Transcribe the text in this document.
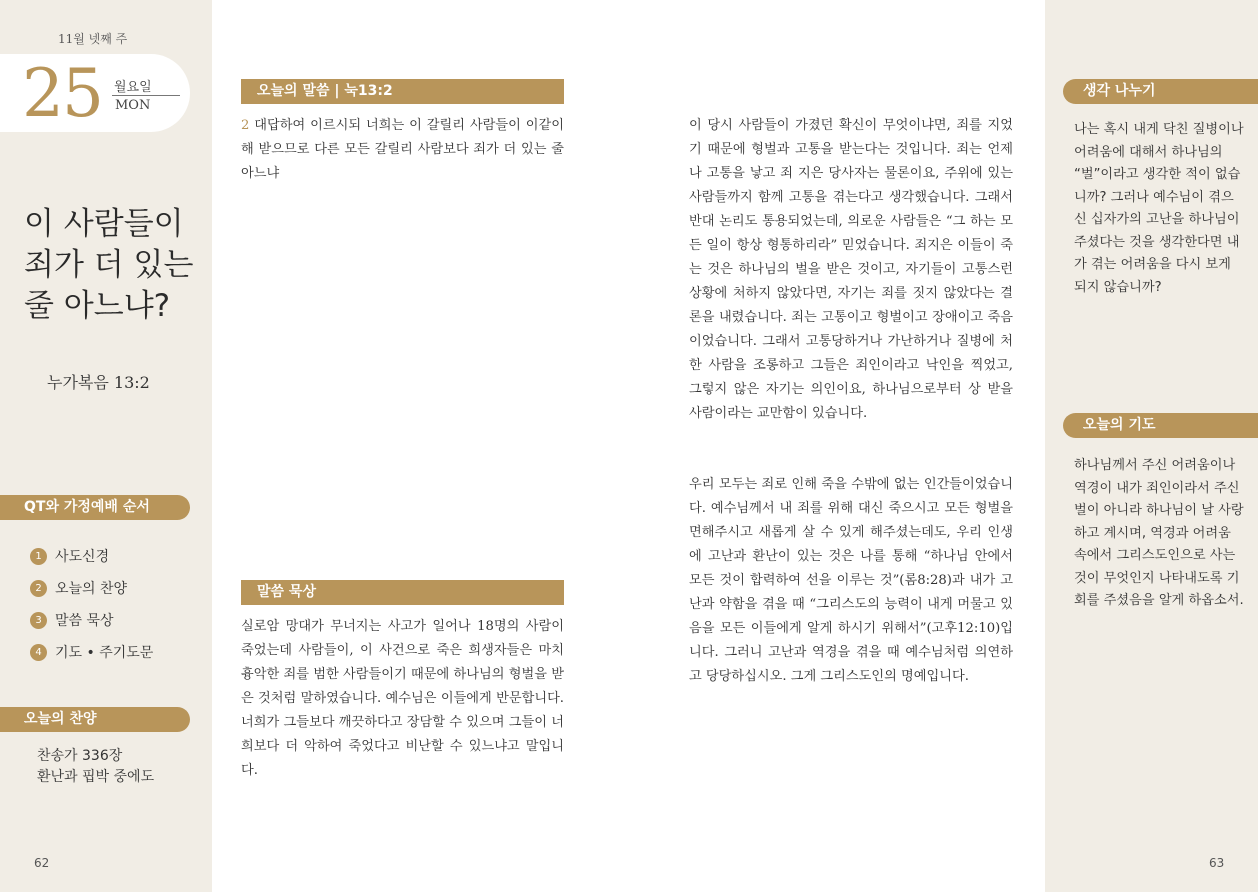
11월 넷째 주
25 월요일
MON
이 사람들이
죄가 더 있는
줄 아느냐?
누가복음 13:2
QT와 가정예배 순서
1 사도신경
2 오늘의 찬양
3 말씀 묵상
4 기도 • 주기도문
오늘의 찬양
찬송가 336장
환난과 핍박 중에도
62
오늘의 말씀 | 눅13:2

2 대답하여 이르시되 너희는 이 갈릴리 사람들이 이같이 해 받으므로 다른 모든 갈릴리 사람보다 죄가 더 있는 줄 아느냐

말씀 묵상

실로암 망대가 무너지는 사고가 일어나 18명의 사람이 죽었는데 사람들이, 이 사건으로 죽은 희생자들은 마치 흉악한 죄를 범한 사람들이기 때문에 하나님의 형벌을 받은 것처럼 말하였습니다. 예수님은 이들에게 반문합니다. 너희가 그들보다 깨끗하다고 장담할 수 있으며 그들이 너희보다 더 악하여 죽었다고 비난할 수 있느냐고 말입니다.

이 당시 사람들이 가졌던 확신이 무엇이냐면, 죄를 지었기 때문에 형벌과 고통을 받는다는 것입니다. 죄는 언제나 고통을 낳고 죄 지은 당사자는 물론이요, 주위에 있는 사람들까지 함께 고통을 겪는다고 생각했습니다. 그래서 반대 논리도 통용되었는데, 의로운 사람들은 “그 하는 모든 일이 항상 형통하리라” 믿었습니다. 죄지은 이들이 죽는 것은 하나님의 벌을 받은 것이고, 자기들이 고통스런 상황에 처하지 않았다면, 자기는 죄를 짓지 않았다는 결론을 내렸습니다. 죄는 고통이고 형벌이고 장애이고 죽음이었습니다. 그래서 고통당하거나 가난하거나 질병에 처한 사람을 조롱하고 그들은 죄인이라고 낙인을 찍었고, 그렇지 않은 자기는 의인이요, 하나님으로부터 상 받을 사람이라는 교만함이 있습니다.

우리 모두는 죄로 인해 죽을 수밖에 없는 인간들이었습니다. 예수님께서 내 죄를 위해 대신 죽으시고 모든 형벌을 면해주시고 새롭게 살 수 있게 해주셨는데도, 우리 인생에 고난과 환난이 있는 것은 나를 통해 “하나님 안에서 모든 것이 합력하여 선을 이루는 것”(롬8:28)과 내가 고난과 약함을 겪을 때 “그리스도의 능력이 내게 머물고 있음을 모든 이들에게 알게 하시기 위해서”(고후12:10)입니다. 그러니 고난과 역경을 겪을 때 예수님처럼 의연하고 당당하십시오. 그게 그리스도인의 명예입니다.

생각 나누기

나는 혹시 내게 닥친 질병이나 어려움에 대해서 하나님의 “벌”이라고 생각한 적이 없습니까? 그러나 예수님이 겪으신 십자가의 고난을 하나님이 주셨다는 것을 생각한다면 내가 겪는 어려움을 다시 보게 되지 않습니까?

오늘의 기도

하나님께서 주신 어려움이나 역경이 내가 죄인이라서 주신 벌이 아니라 하나님이 날 사랑하고 계시며, 역경과 어려움 속에서 그리스도인으로 사는 것이 무엇인지 나타내도록 기회를 주셨음을 알게 하옵소서.

63
